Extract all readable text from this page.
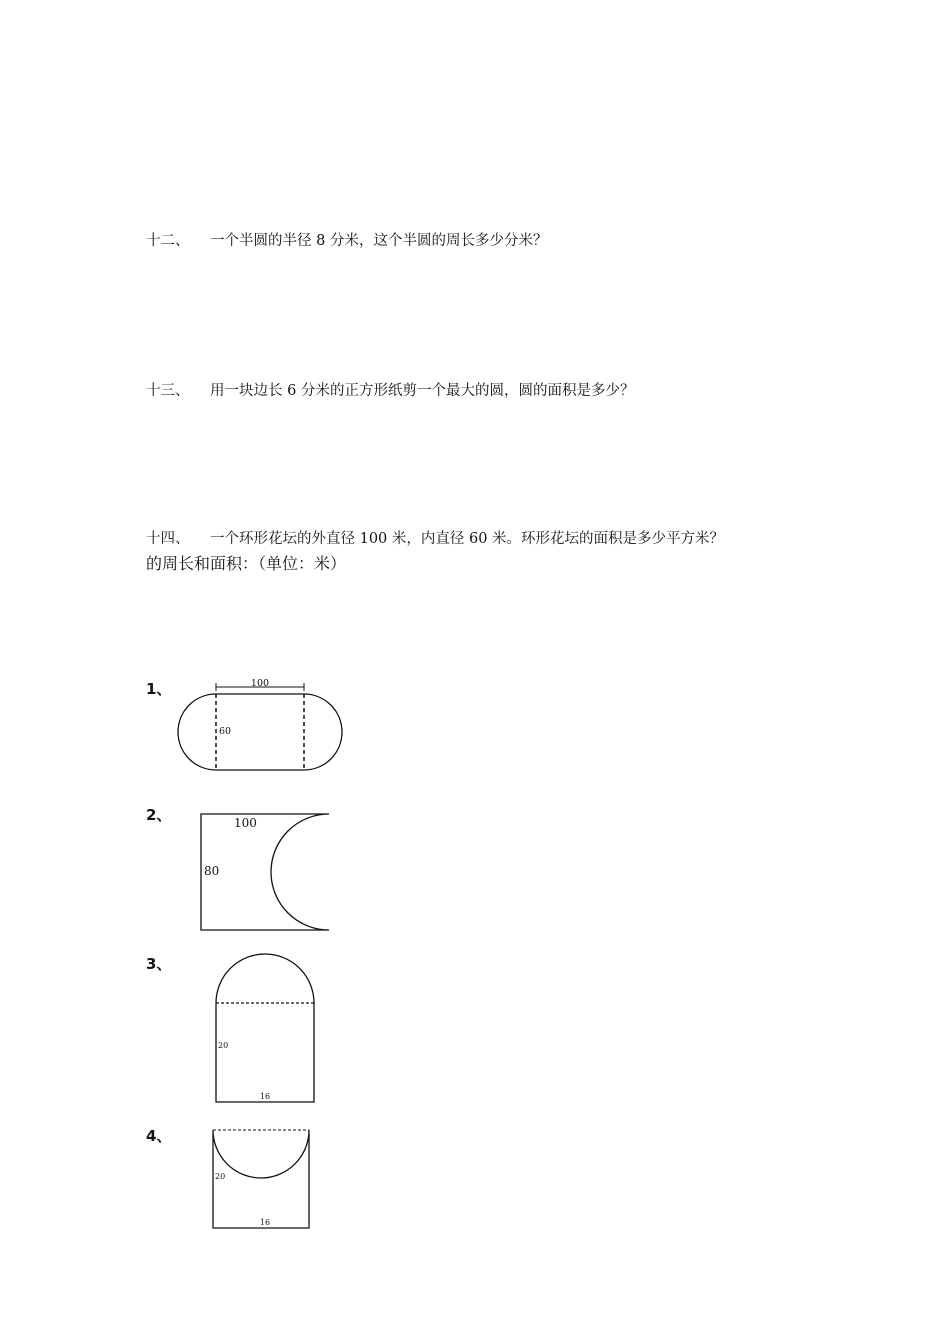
十二、 一个半圆的半径 8 分米，这个半圆的周长多少分米？
十三、 用一块边长 6 分米的正方形纸剪一个最大的圆，圆的面积是多少？
十四、 一个环形花坛的外直径 100 米，内直径 60 米。环形花坛的面积是多少平方米？
的周长和面积：（单位：米）
1、	100
60
2、	100
80
3、
20
16
4、
20
16
